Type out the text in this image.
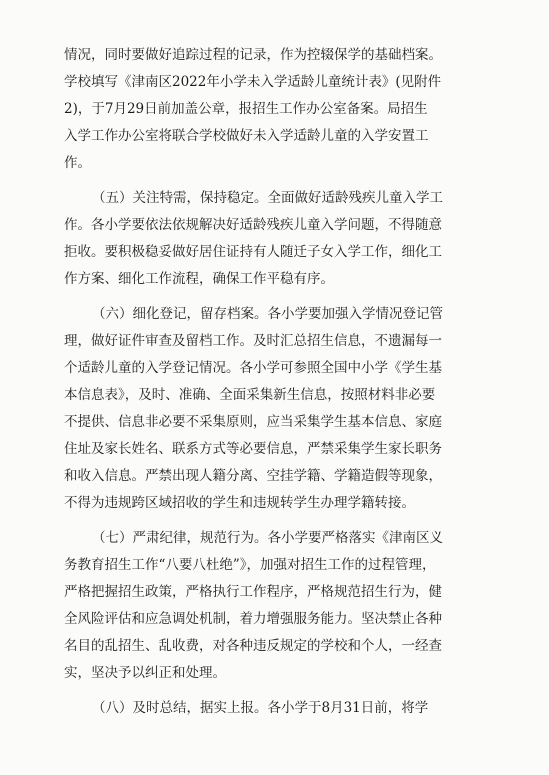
情况，同时要做好追踪过程的记录，作为控辍保学的基础档案。
学校填写《津南区2022年小学未入学适龄儿童统计表》(见附件
2)，于7月29日前加盖公章，报招生工作办公室备案。局招生
入学工作办公室将联合学校做好未入学适龄儿童的入学安置工
作。
（五）关注特需，保持稳定。全面做好适龄残疾儿童入学工
作。各小学要依法依规解决好适龄残疾儿童入学问题，不得随意
拒收。要积极稳妥做好居住证持有人随迁子女入学工作，细化工
作方案、细化工作流程，确保工作平稳有序。
（六）细化登记，留存档案。各小学要加强入学情况登记管
理，做好证件审查及留档工作。及时汇总招生信息，不遗漏每一
个适龄儿童的入学登记情况。各小学可参照全国中小学《学生基
本信息表》，及时、准确、全面采集新生信息，按照材料非必要
不提供、信息非必要不采集原则，应当采集学生基本信息、家庭
住址及家长姓名、联系方式等必要信息，严禁采集学生家长职务
和收入信息。严禁出现人籍分离、空挂学籍、学籍造假等现象，
不得为违规跨区域招收的学生和违规转学生办理学籍转接。
（七）严肃纪律，规范行为。各小学要严格落实《津南区义
务教育招生工作“八要八杜绝”》，加强对招生工作的过程管理，
严格把握招生政策，严格执行工作程序，严格规范招生行为，健
全风险评估和应急调处机制，着力增强服务能力。坚决禁止各种
名目的乱招生、乱收费，对各种违反规定的学校和个人，一经查
实，坚决予以纠正和处理。
（八）及时总结，据实上报。各小学于8月31日前，将学
